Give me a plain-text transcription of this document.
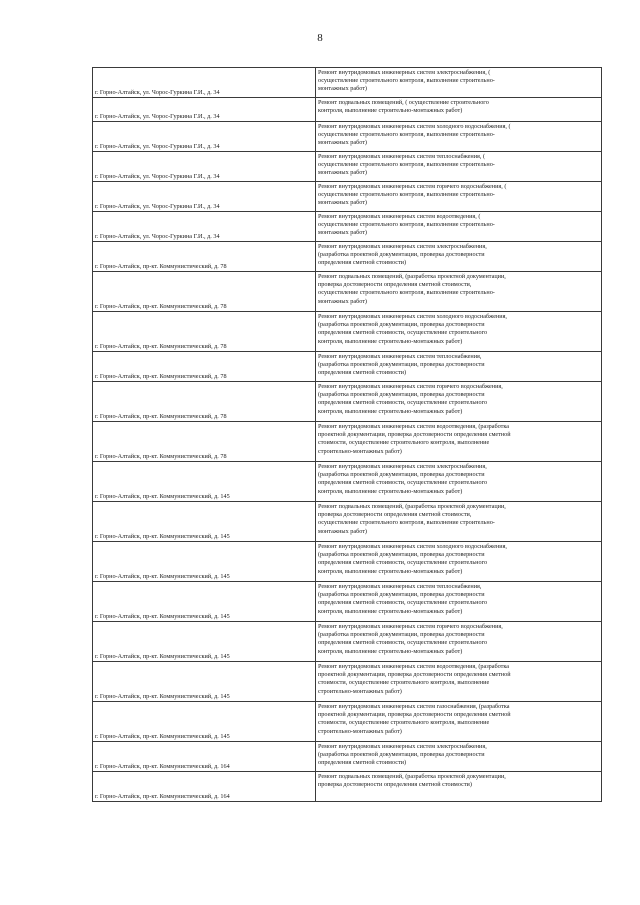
8
г. Горно-Алтайск, ул. Чорос-Гуркина Г.И., д. 34	Ремонт внутридомовых инженерных систем электроснабжения, (
осуществление строительного контроля, выполнение строительно-
монтажных работ)

г. Горно-Алтайск, ул. Чорос-Гуркина Г.И., д. 34	Ремонт подвальных помещений, ( осуществление строительного
контроля, выполнение строительно-монтажных работ)

г. Горно-Алтайск, ул. Чорос-Гуркина Г.И., д. 34	Ремонт внутридомовых инженерных систем холодного водоснабжения, (
осуществление строительного контроля, выполнение строительно-
монтажных работ)

г. Горно-Алтайск, ул. Чорос-Гуркина Г.И., д. 34	Ремонт внутридомовых инженерных систем теплоснабжения, (
осуществление строительного контроля, выполнение строительно-
монтажных работ)

г. Горно-Алтайск, ул. Чорос-Гуркина Г.И., д. 34	Ремонт внутридомовых инженерных систем горячего водоснабжения, (
осуществление строительного контроля, выполнение строительно-
монтажных работ)

г. Горно-Алтайск, ул. Чорос-Гуркина Г.И., д. 34	Ремонт внутридомовых инженерных систем водоотведения, (
осуществление строительного контроля, выполнение строительно-
монтажных работ)

г. Горно-Алтайск, пр-кт. Коммунистический, д. 78	Ремонт внутридомовых инженерных систем электроснабжения,
(разработка проектной документации, проверка достоверности
определения сметной стоимости)

г. Горно-Алтайск, пр-кт. Коммунистический, д. 78	Ремонт подвальных помещений, (разработка проектной документации,
проверка достоверности определения сметной стоимости,
осуществление строительного контроля, выполнение строительно-
монтажных работ)

г. Горно-Алтайск, пр-кт. Коммунистический, д. 78	Ремонт внутридомовых инженерных систем холодного водоснабжения,
(разработка проектной документации, проверка достоверности
определения сметной стоимости, осуществление строительного
контроля, выполнение строительно-монтажных работ)

г. Горно-Алтайск, пр-кт. Коммунистический, д. 78	Ремонт внутридомовых инженерных систем теплоснабжения,
(разработка проектной документации, проверка достоверности
определения сметной стоимости)

г. Горно-Алтайск, пр-кт. Коммунистический, д. 78	Ремонт внутридомовых инженерных систем горячего водоснабжения,
(разработка проектной документации, проверка достоверности
определения сметной стоимости, осуществление строительного
контроля, выполнение строительно-монтажных работ)

г. Горно-Алтайск, пр-кт. Коммунистический, д. 78	Ремонт внутридомовых инженерных систем водоотведения, (разработка
проектной документации, проверка достоверности определения сметной
стоимости, осуществление строительного контроля, выполнение
строительно-монтажных работ)

г. Горно-Алтайск, пр-кт. Коммунистический, д. 145	Ремонт внутридомовых инженерных систем электроснабжения,
(разработка проектной документации, проверка достоверности
определения сметной стоимости, осуществление строительного
контроля, выполнение строительно-монтажных работ)

г. Горно-Алтайск, пр-кт. Коммунистический, д. 145	Ремонт подвальных помещений, (разработка проектной документации,
проверка достоверности определения сметной стоимости,
осуществление строительного контроля, выполнение строительно-
монтажных работ)

г. Горно-Алтайск, пр-кт. Коммунистический, д. 145	Ремонт внутридомовых инженерных систем холодного водоснабжения,
(разработка проектной документации, проверка достоверности
определения сметной стоимости, осуществление строительного
контроля, выполнение строительно-монтажных работ)

г. Горно-Алтайск, пр-кт. Коммунистический, д. 145	Ремонт внутридомовых инженерных систем теплоснабжения,
(разработка проектной документации, проверка достоверности
определения сметной стоимости, осуществление строительного
контроля, выполнение строительно-монтажных работ)

г. Горно-Алтайск, пр-кт. Коммунистический, д. 145	Ремонт внутридомовых инженерных систем горячего водоснабжения,
(разработка проектной документации, проверка достоверности
определения сметной стоимости, осуществление строительного
контроля, выполнение строительно-монтажных работ)

г. Горно-Алтайск, пр-кт. Коммунистический, д. 145	Ремонт внутридомовых инженерных систем водоотведения, (разработка
проектной документации, проверка достоверности определения сметной
стоимости, осуществление строительного контроля, выполнение
строительно-монтажных работ)

г. Горно-Алтайск, пр-кт. Коммунистический, д. 145	Ремонт внутридомовых инженерных систем газоснабжения, (разработка
проектной документации, проверка достоверности определения сметной
стоимости, осуществление строительного контроля, выполнение
строительно-монтажных работ)

г. Горно-Алтайск, пр-кт. Коммунистический, д. 164	Ремонт внутридомовых инженерных систем электроснабжения,
(разработка проектной документации, проверка достоверности
определения сметной стоимости)

г. Горно-Алтайск, пр-кт. Коммунистический, д. 164	Ремонт подвальных помещений, (разработка проектной документации,
проверка достоверности определения сметной стоимости)
